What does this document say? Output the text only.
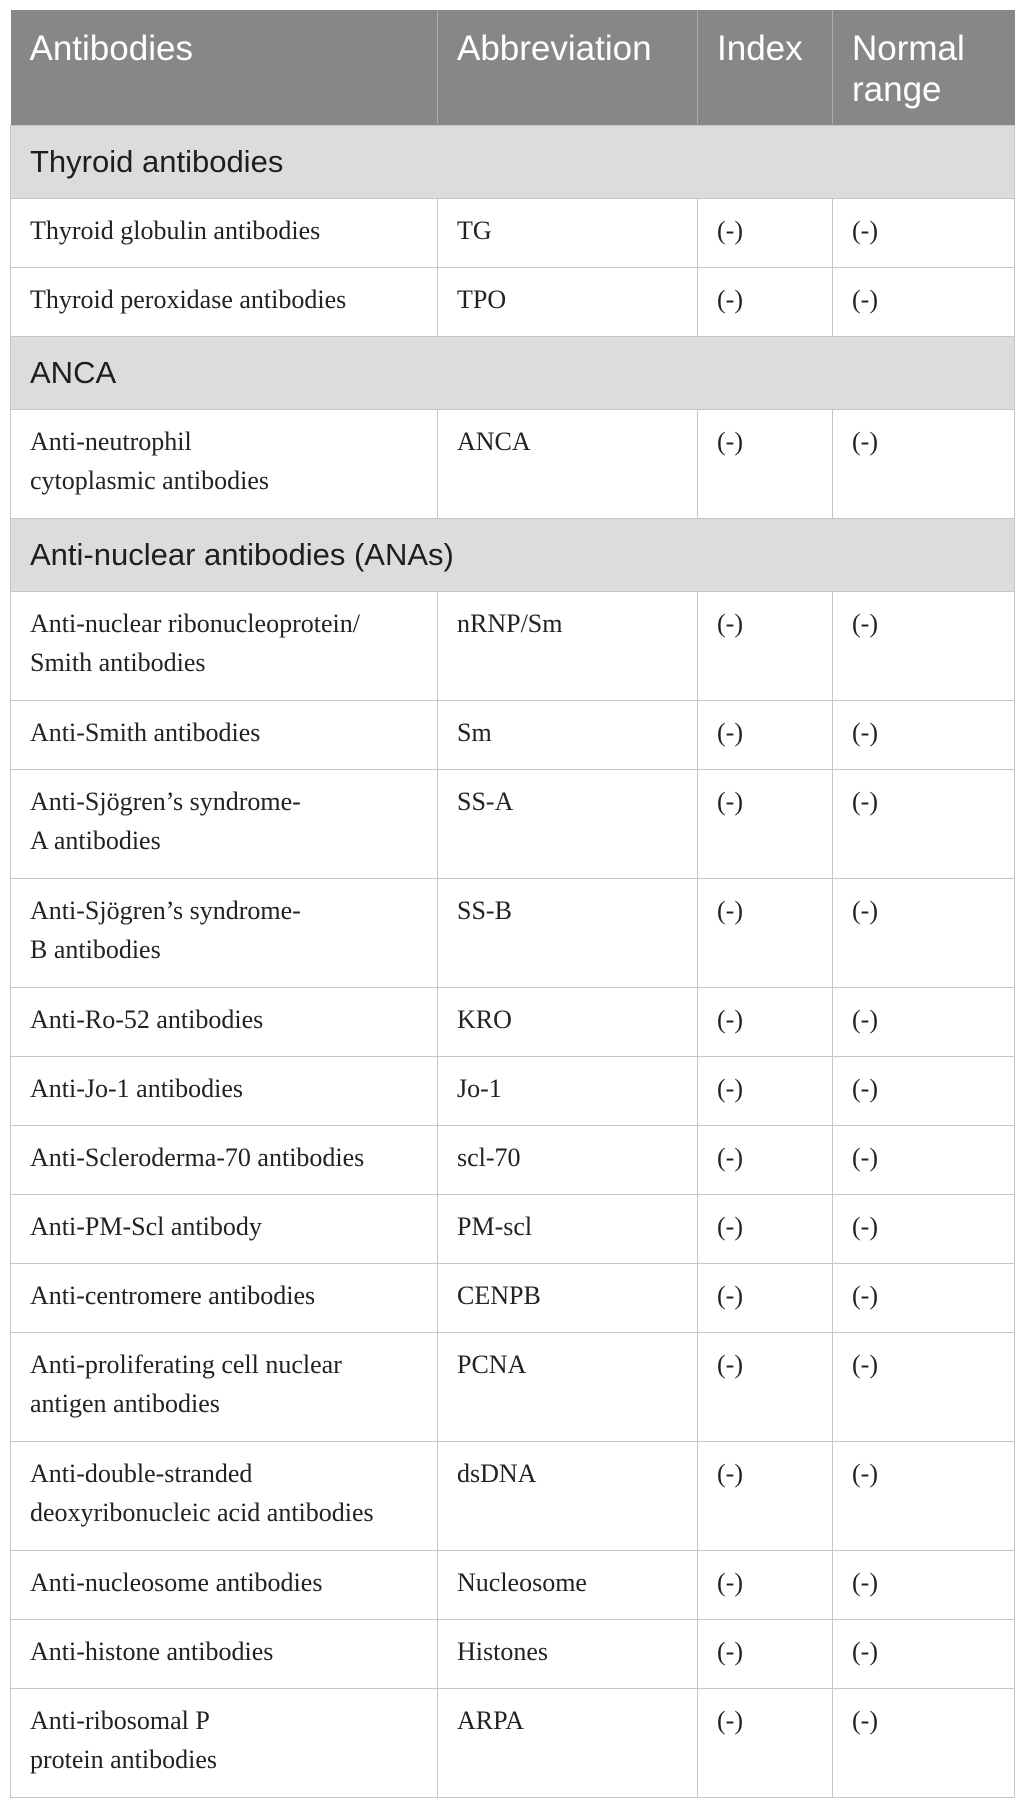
Antibodies	Abbreviation	Index	Normal range
Thyroid antibodies			
Thyroid globulin antibodies	TG	(-)	(-)
Thyroid peroxidase antibodies	TPO	(-)	(-)
ANCA			

Anti-neutrophil
cytoplasmic antibodies	ANCA	(-)	(-)
Anti-nuclear antibodies (ANAs)			

Anti-nuclear ribonucleoprotein/
Smith antibodies	nRNP/Sm	(-)	(-)
Anti-Smith antibodies	Sm	(-)	(-)

Anti-Sjögren’s syndrome-
A antibodies	SS-A	(-)	(-)

Anti-Sjögren’s syndrome-
B antibodies	SS-B	(-)	(-)
Anti-Ro-52 antibodies	KRO	(-)	(-)
Anti-Jo-1 antibodies	Jo-1	(-)	(-)
Anti-Scleroderma-70 antibodies	scl-70	(-)	(-)
Anti-PM-Scl antibody	PM-scl	(-)	(-)
Anti-centromere antibodies	CENPB	(-)	(-)

Anti-proliferating cell nuclear
antigen antibodies	PCNA	(-)	(-)

Anti-double-stranded
deoxyribonucleic acid antibodies	dsDNA	(-)	(-)
Anti-nucleosome antibodies	Nucleosome	(-)	(-)
Anti-histone antibodies	Histones	(-)	(-)

Anti-ribosomal P
protein antibodies	ARPA	(-)	(-)
